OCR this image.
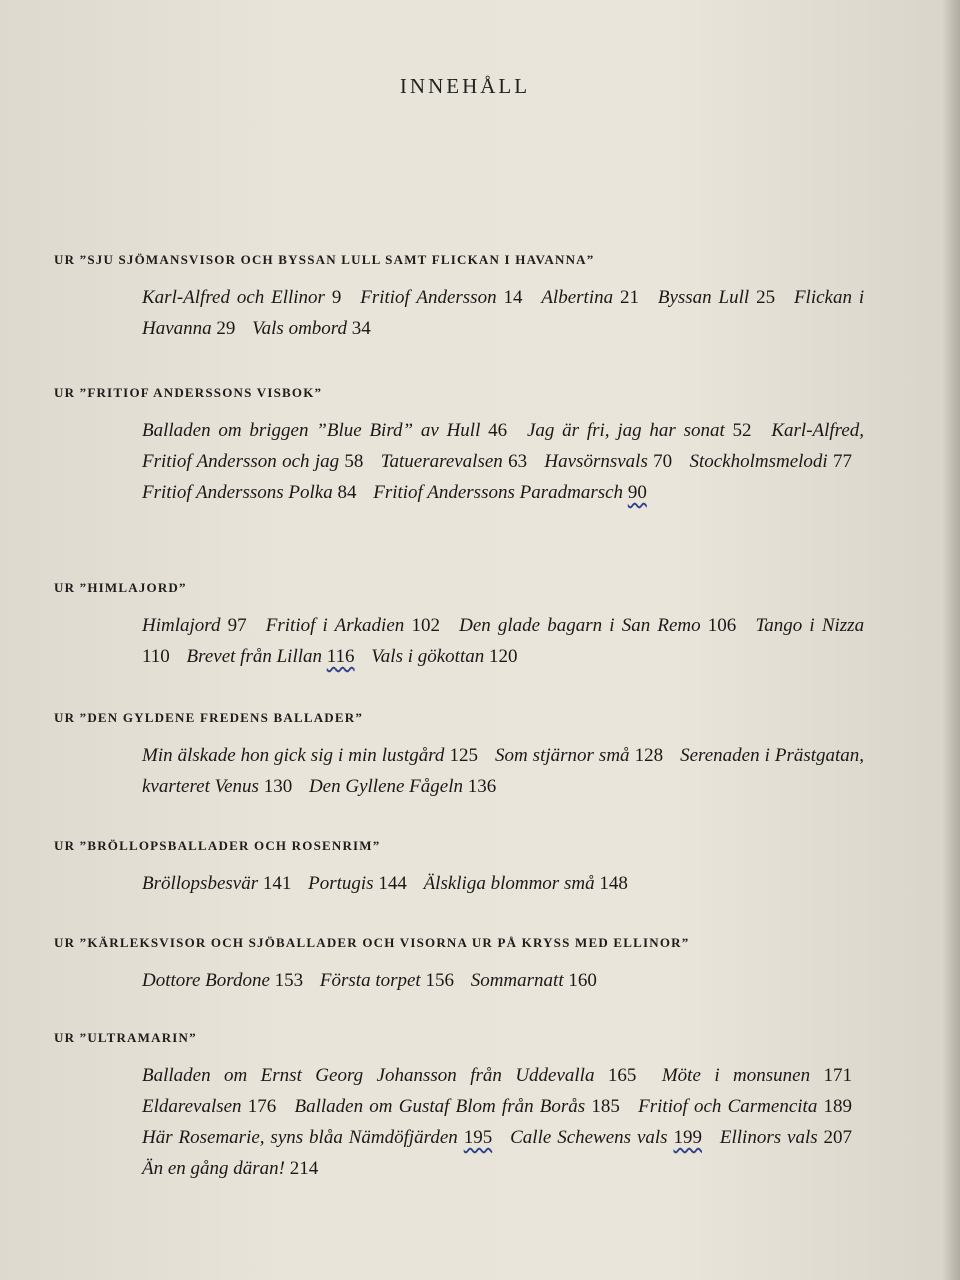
INNEHÅLL
UR ”SJU SJÖMANSVISOR OCH BYSSAN LULL SAMT FLICKAN I HAVANNA”
Karl-Alfred och Ellinor 9 Fritiof Andersson 14 Albertina 21 Byssan Lull 25 Flickan i Havanna 29 Vals ombord 34
UR ”FRITIOF ANDERSSONS VISBOK”
Balladen om briggen ”Blue Bird” av Hull 46 Jag är fri, jag har sonat 52 Karl-Alfred, Fritiof Andersson och jag 58 Tatuerarevalsen 63 Havsörnsvals 70 Stockholmsmelodi 77 Fritiof Anderssons Polka 84 Fritiof Anderssons Paradmarsch 90
UR ”HIMLAJORD”
Himlajord 97 Fritiof i Arkadien 102 Den glade bagarn i San Remo 106 Tango i Nizza 110 Brevet från Lillan 116 Vals i gökottan 120
UR ”DEN GYLDENE FREDENS BALLADER”
Min älskade hon gick sig i min lustgård 125 Som stjärnor små 128 Serenaden i Prästgatan, kvarteret Venus 130 Den Gyllene Fågeln 136
UR ”BRÖLLOPSBALLADER OCH ROSENRIM”
Bröllopsbesvär 141 Portugis 144 Älskliga blommor små 148
UR ”KÄRLEKSVISOR OCH SJÖBALLADER OCH VISORNA UR PÅ KRYSS MED ELLINOR”
Dottore Bordone 153 Första torpet 156 Sommarnatt 160
UR ”ULTRAMARIN”
Balladen om Ernst Georg Johansson från Uddevalla 165 Möte i monsunen 171 Eldarevalsen 176 Balladen om Gustaf Blom från Borås 185 Fritiof och Carmencita 189 Här Rosemarie, syns blåa Nämdöfjärden 195 Calle Schewens vals 199 Ellinors vals 207 Än en gång däran! 214
